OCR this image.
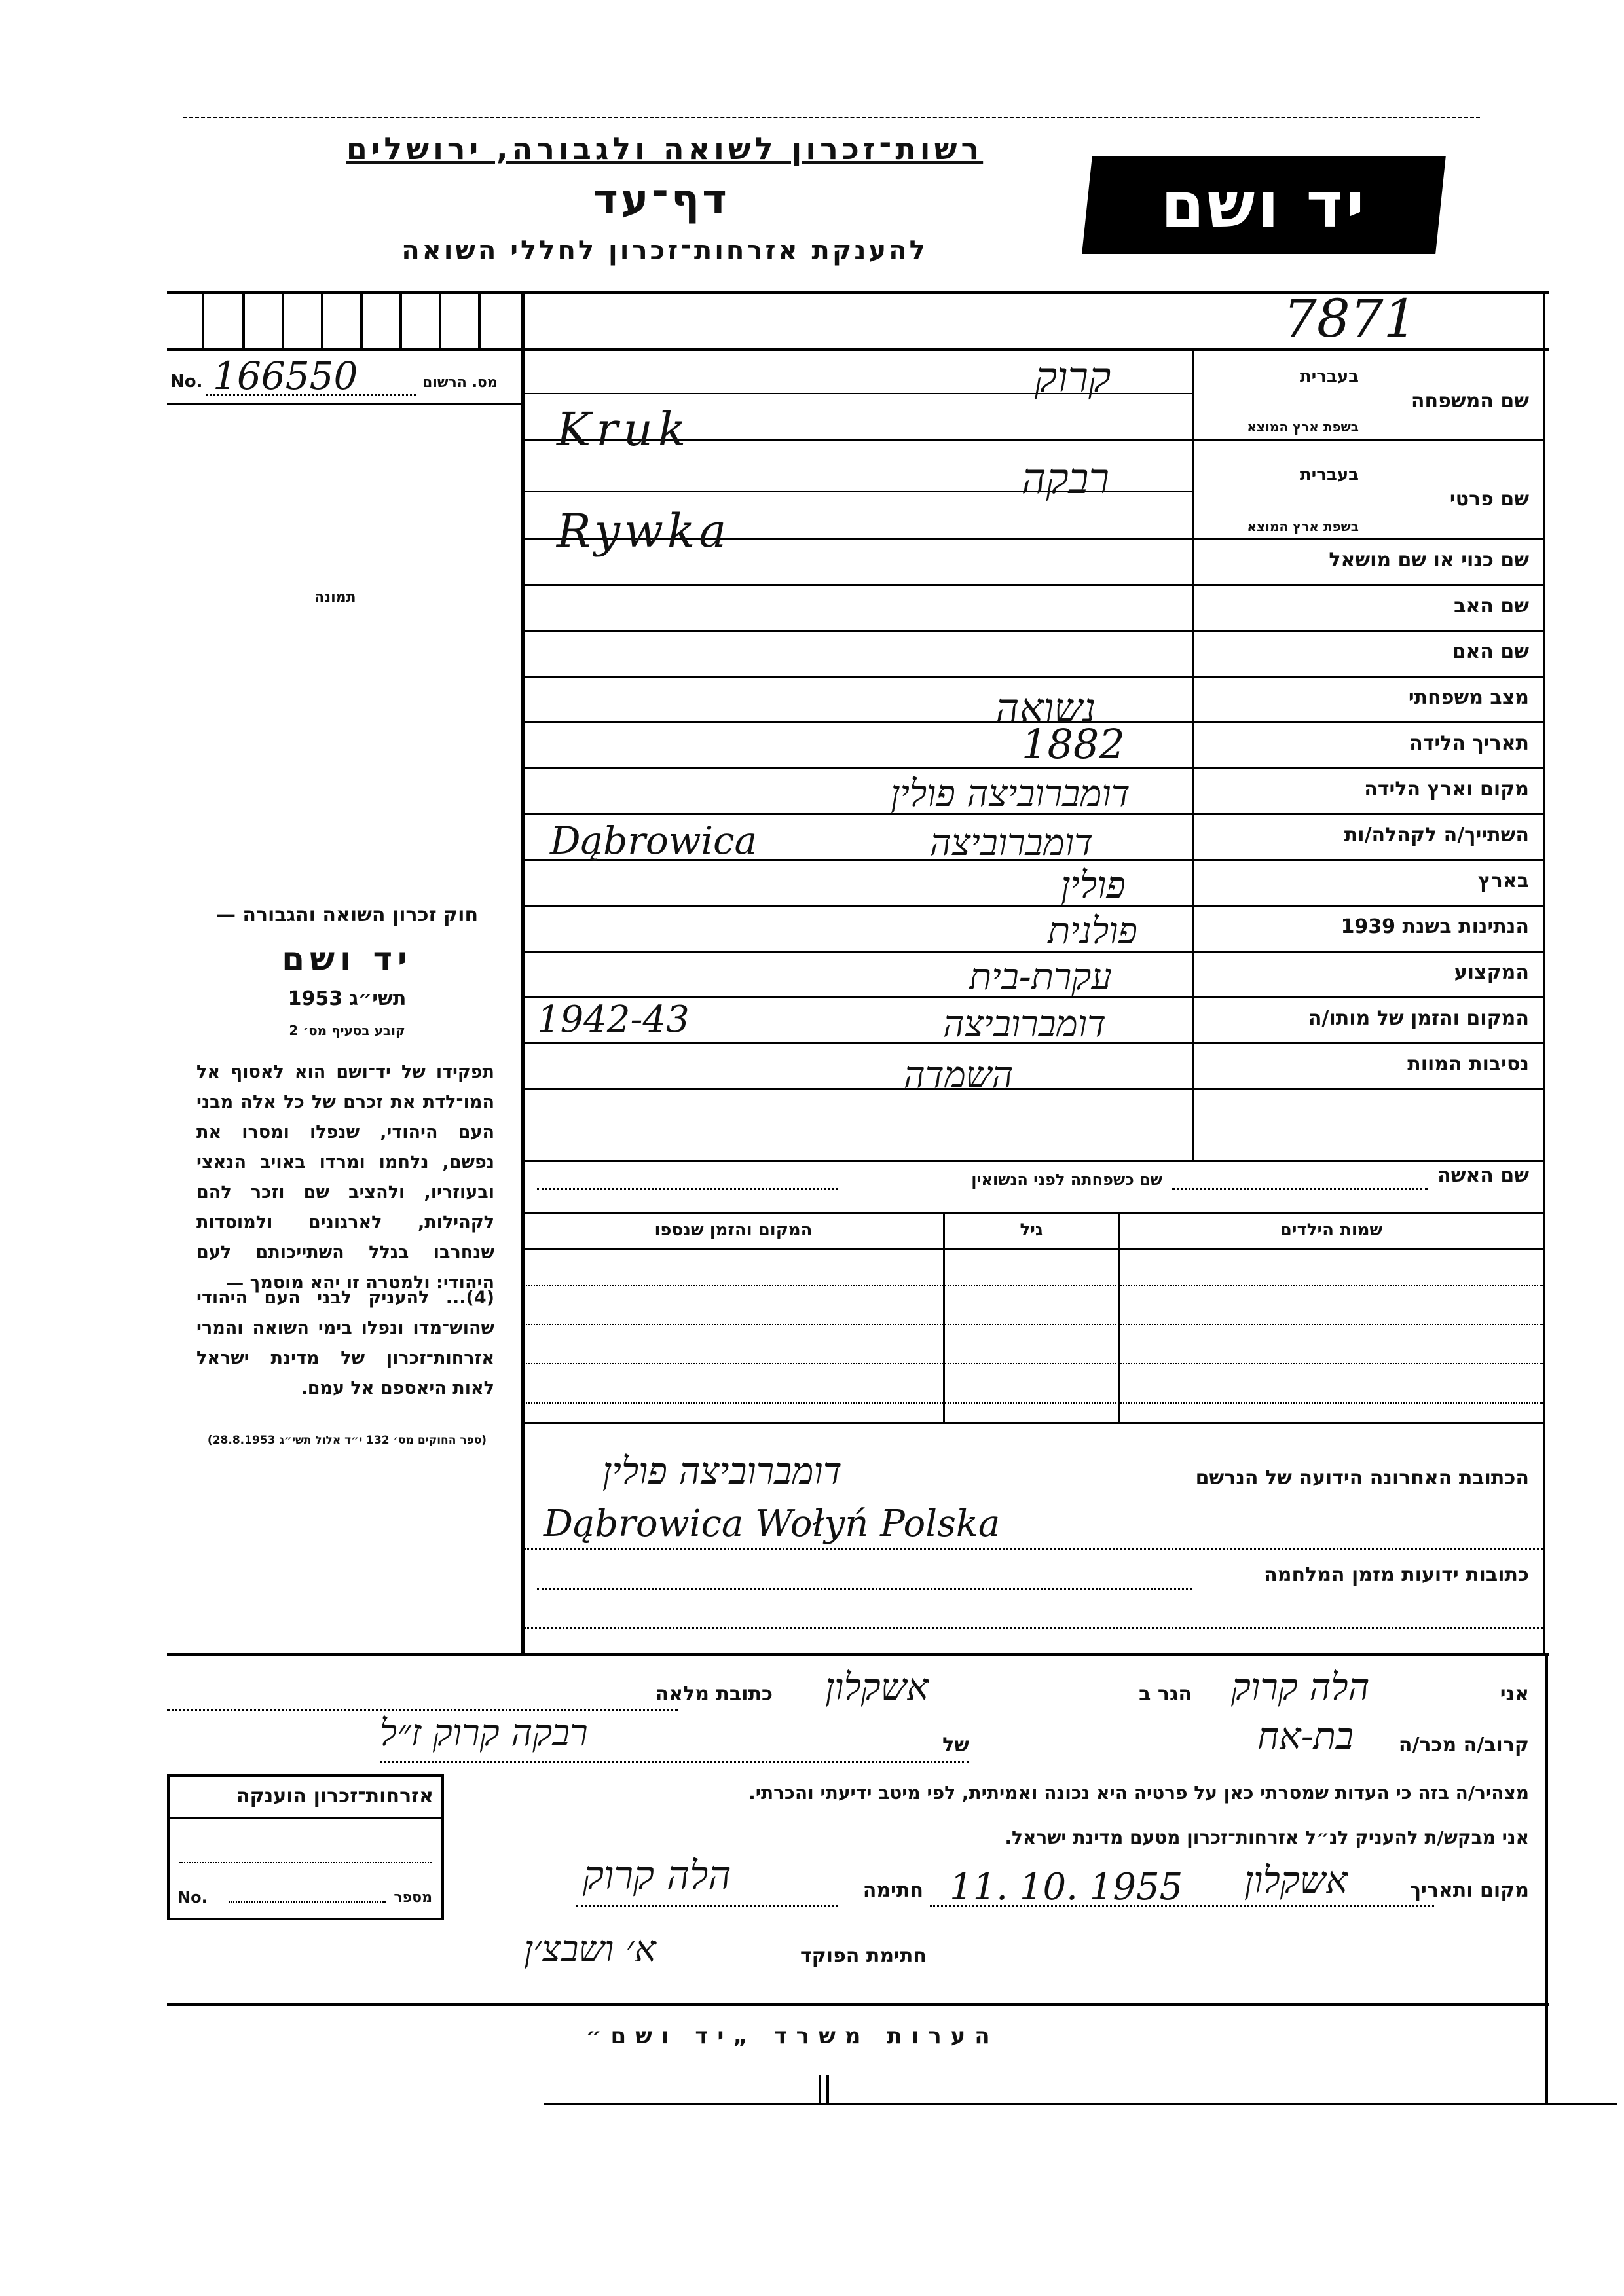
רשות־זכרון לשואה ולגבורה, ירושלים
דף־עד
להענקת אזרחות־זכרון לחללי השואה
יד ושם
7871
No. 166550	מס. הרשום
תמונה
חוק זכרון השואה והגבורה —
יד ושם
תשי״ג 1953
קובע בסעיף מס׳ 2
תפקידו של יד־ושם הוא לאסוף אל המו־לדת את זכרם של כל אלה מבני העם היהודי, שנפלו ומסרו את נפשם, נלחמו ומרדו באויב הנאצי ובעוזריו, ולהציב שם וזכר להם לקהילות, לארגונים ולמוסדות שנחרבו בגלל השתייכותם לעם היהודי: ולמטרה זו יהא מוסמך —
(4)... להעניק לבני העם היהודי שהוש־מדו ונפלו בימי השואה והמרי אזרחות־זכרון של מדינת ישראל לאות היאספם אל עמם.
(ספר החוקים מס׳ 132 י״ד אלול תשי״ג 28.8.1953)
שם המשפחה
בעברית
בשפת ארץ המוצא
קרוק
Kruk
שם פרטי
בעברית
בשפת ארץ המוצא
רבקה
Rywka
שם כנוי או שם מושאל
שם האב
שם האם
מצב משפחתי
נשואה
תאריך הלידה
1882
מקום וארץ הלידה
דומברוביצה פולין
השתייך/ה לקהלה/ות
דומברוביצה
Dąbrowica
בארץ
פולין
הנתינות בשנת 1939
פולנית
המקצוע
עקרת-בית
המקום והזמן של מותו/ה
דומברוביצה
1942-43
נסיבות המוות
השמדה
שם האשה
שם כשפחתה לפני הנשואין
שמות הילדים
גיל
המקום והזמן שנספו
הכתובת האחרונה הידועה של הנרשם
דומברוביצה פולין
Dąbrowica Wołyń Polska
כתובות ידועות מזמן המלחמה
אני
הלה קרוק
הגר ב
אשקלון
כתובת מלאה
קרוב/ה מכר/ה
בת-אח
של
רבקה קרוק ז״ל
מצהיר/ה בזה כי העדות שמסרתי כאן על פרטיה היא נכונה ואמיתית, לפי מיטב ידיעתי והכרתי.
אני מבקש/ת להעניק לנ״ל אזרחות־זכרון מטעם מדינת ישראל.
מקום ותאריך
אשקלון
11. 10. 1955
חתימה
הלה קרוק
חתימת הפוקד
א׳ ושבצ׳ן
אזרחות־זכרון הוענקה
No.	מספר
הערות משרד „יד ושם״
